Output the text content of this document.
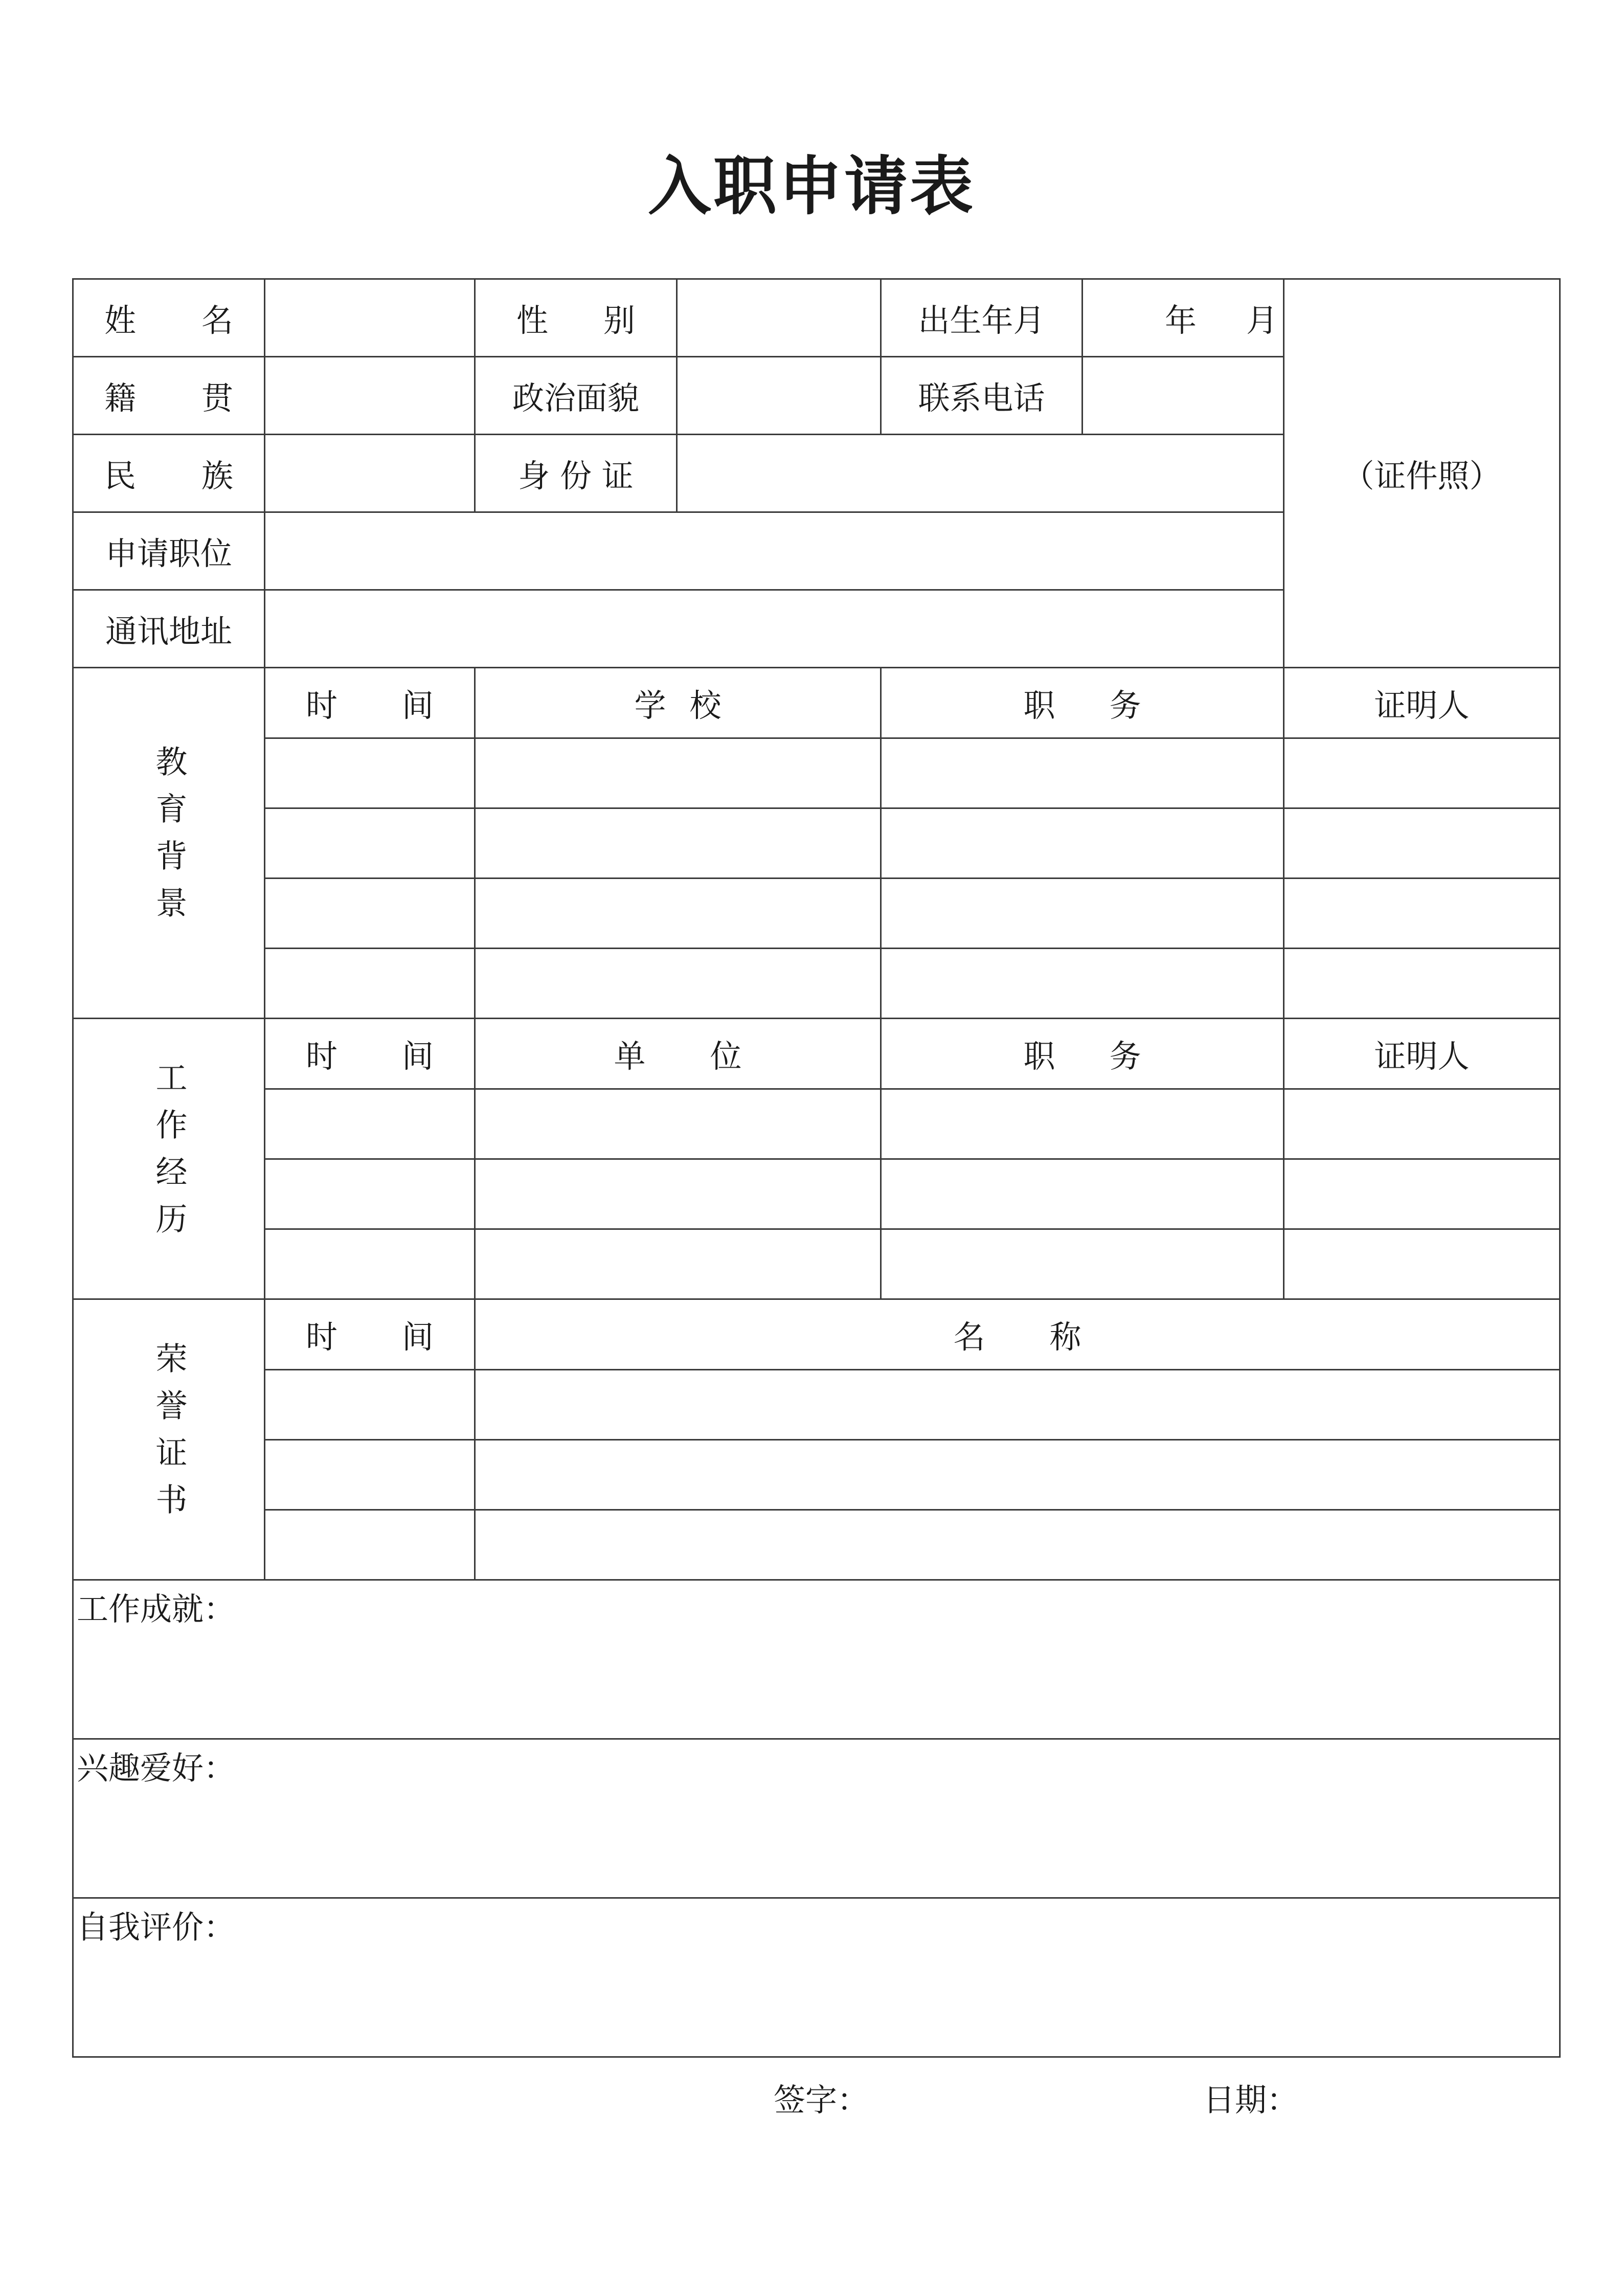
入职申请表
姓 名		性 别		出生年月	年 月	（证件照）

籍 贯		政治面貌		联系电话		

民 族		身 份 证				
申请职位						
通讯地址						
教育背景	时 间	学 校		职 务		证明人

工作经历	时 间	单 位		职 务		证明人

荣誉证书	时 间	名 称				

工作成就：						
兴趣爱好：						
自我评价：						
签字：	日期：
